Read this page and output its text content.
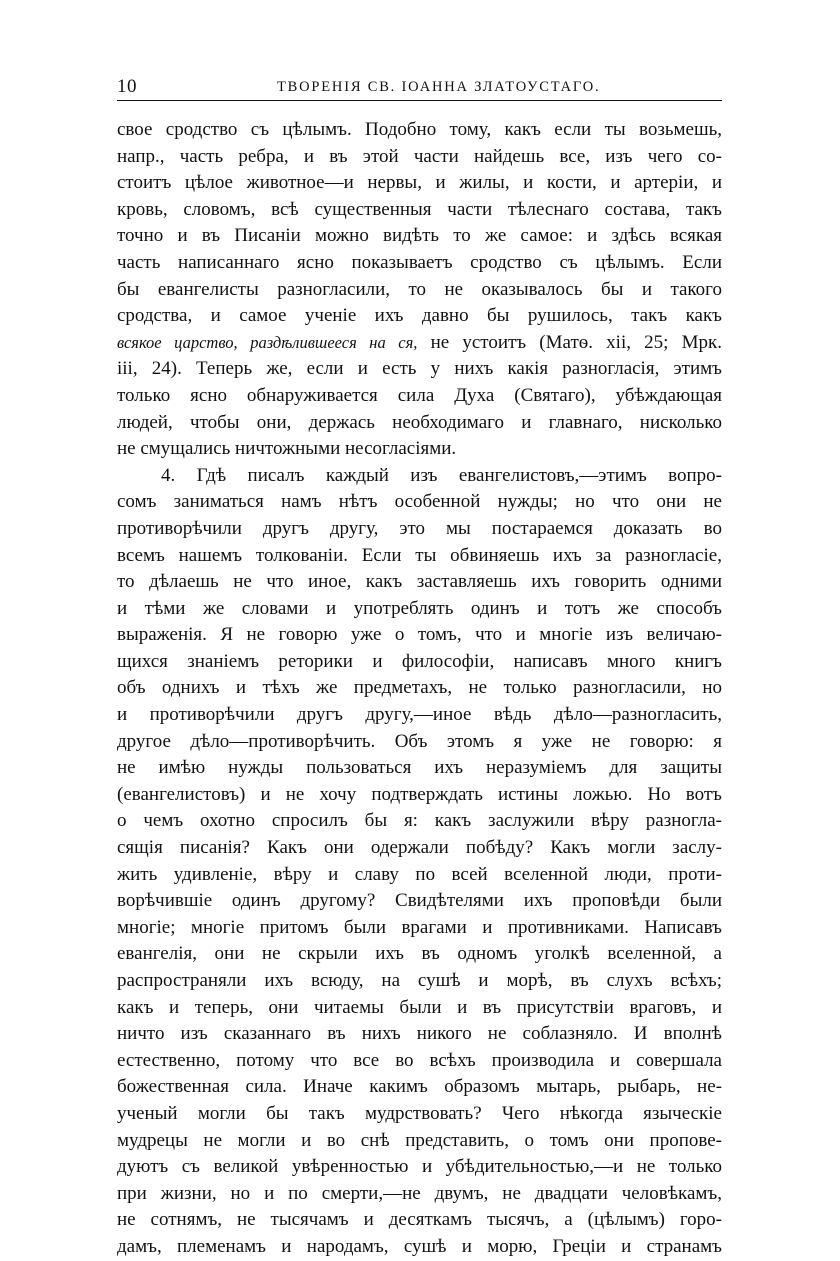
10	ТВОРЕНІЯ СВ. ІОАННА ЗЛАТОУСТАГО.
свое сродство съ цѣлымъ. Подобно тому, какъ если ты возьмешь,
напр., часть ребра, и въ этой части найдешь все, изъ чего со-
стоитъ цѣлое животное—и нервы, и жилы, и кости, и артеріи, и
кровь, словомъ, всѣ существенныя части тѣлеснаго состава, такъ
точно и въ Писаніи можно видѣть то же самое: и здѣсь всякая
часть написаннаго ясно показываетъ сродство съ цѣлымъ. Если
бы евангелисты разногласили, то не оказывалось бы и такого
сродства, и самое ученіе ихъ давно бы рушилось, такъ какъ
всякое царство, раздѣлившееся на ся, не устоитъ (Матѳ. хіі, 25; Мрк.
ііі, 24). Теперь же, если и есть у нихъ какія разногласія, этимъ
только ясно обнаруживается сила Духа (Святаго), убѣждающая
людей, чтобы они, держась необходимаго и главнаго, нисколько
не смущались ничтожными несогласіями.
4. Гдѣ писалъ каждый изъ евангелистовъ,—этимъ вопро-
сомъ заниматься намъ нѣтъ особенной нужды; но что они не
противорѣчили другъ другу, это мы постараемся доказать во
всемъ нашемъ толкованіи. Если ты обвиняешь ихъ за разногласіе,
то дѣлаешь не что иное, какъ заставляешь ихъ говорить одними
и тѣми же словами и употреблять одинъ и тотъ же способъ
выраженія. Я не говорю уже о томъ, что и многіе изъ величаю-
щихся знаніемъ реторики и философіи, написавъ много книгъ
объ однихъ и тѣхъ же предметахъ, не только разногласили, но
и противорѣчили другъ другу,—иное вѣдь дѣло—разногласить,
другое дѣло—противорѣчить. Объ этомъ я уже не говорю: я
не имѣю нужды пользоваться ихъ неразуміемъ для защиты
(евангелистовъ) и не хочу подтверждать истины ложью. Но вотъ
о чемъ охотно спросилъ бы я: какъ заслужили вѣру разногла-
сящія писанія? Какъ они одержали побѣду? Какъ могли заслу-
жить удивленіе, вѣру и славу по всей вселенной люди, проти-
ворѣчившіе одинъ другому? Свидѣтелями ихъ проповѣди были
многіе; многіе притомъ были врагами и противниками. Написавъ
евангелія, они не скрыли ихъ въ одномъ уголкѣ вселенной, а
распространяли ихъ всюду, на сушѣ и морѣ, въ слухъ всѣхъ;
какъ и теперь, они читаемы были и въ присутствіи враговъ, и
ничто изъ сказаннаго въ нихъ никого не соблазняло. И вполнѣ
естественно, потому что все во всѣхъ производила и совершала
божественная сила. Иначе какимъ образомъ мытарь, рыбарь, не-
ученый могли бы такъ мудрствовать? Чего нѣкогда языческіе
мудрецы не могли и во снѣ представить, о томъ они пропове-
дуютъ съ великой увѣренностью и убѣдительностью,—и не только
при жизни, но и по смерти,—не двумъ, не двадцати человѣкамъ,
не сотнямъ, не тысячамъ и десяткамъ тысячъ, а (цѣлымъ) горо-
дамъ, племенамъ и народамъ, сушѣ и морю, Греціи и странамъ
